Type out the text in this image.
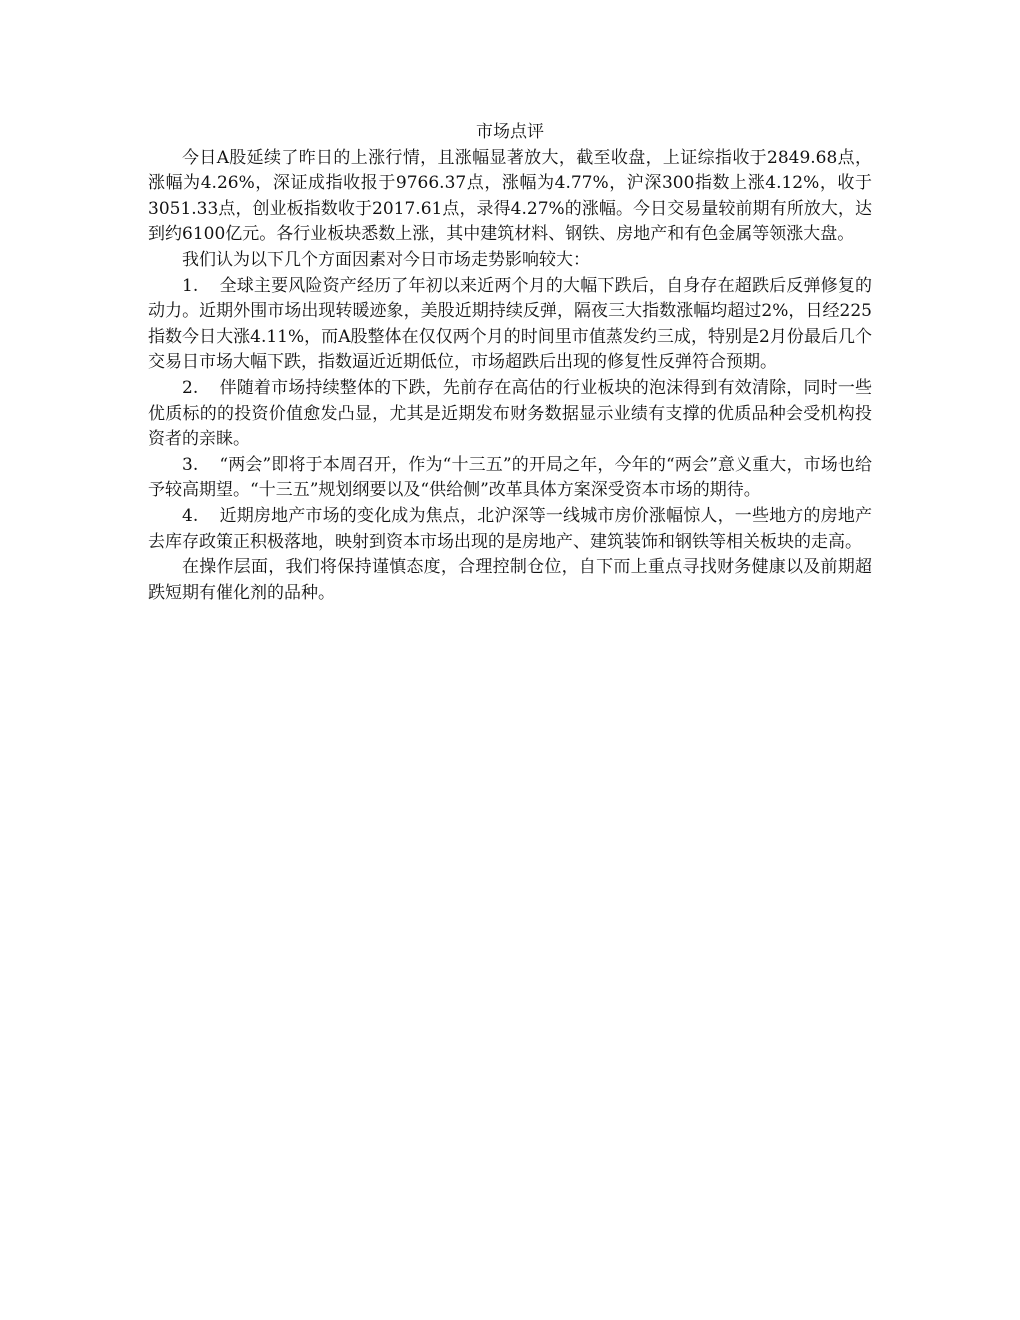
市场点评

今日A股延续了昨日的上涨行情，且涨幅显著放大，截至收盘，上证综指收于2849.68点，涨幅为4.26%，深证成指收报于9766.37点，涨幅为4.77%，沪深300指数上涨4.12%，收于3051.33点，创业板指数收于2017.61点，录得4.27%的涨幅。今日交易量较前期有所放大，达到约6100亿元。各行业板块悉数上涨，其中建筑材料、钢铁、房地产和有色金属等领涨大盘。

我们认为以下几个方面因素对今日市场走势影响较大：

1. 全球主要风险资产经历了年初以来近两个月的大幅下跌后，自身存在超跌后反弹修复的动力。近期外围市场出现转暖迹象，美股近期持续反弹，隔夜三大指数涨幅均超过2%，日经225指数今日大涨4.11%，而A股整体在仅仅两个月的时间里市值蒸发约三成，特别是2月份最后几个交易日市场大幅下跌，指数逼近近期低位，市场超跌后出现的修复性反弹符合预期。

2. 伴随着市场持续整体的下跌，先前存在高估的行业板块的泡沫得到有效清除，同时一些优质标的的投资价值愈发凸显，尤其是近期发布财务数据显示业绩有支撑的优质品种会受机构投资者的亲睐。

3. “两会”即将于本周召开，作为“十三五”的开局之年，今年的“两会”意义重大，市场也给予较高期望。“十三五”规划纲要以及“供给侧”改革具体方案深受资本市场的期待。

4. 近期房地产市场的变化成为焦点，北沪深等一线城市房价涨幅惊人，一些地方的房地产去库存政策正积极落地，映射到资本市场出现的是房地产、建筑装饰和钢铁等相关板块的走高。

在操作层面，我们将保持谨慎态度，合理控制仓位，自下而上重点寻找财务健康以及前期超跌短期有催化剂的品种。
